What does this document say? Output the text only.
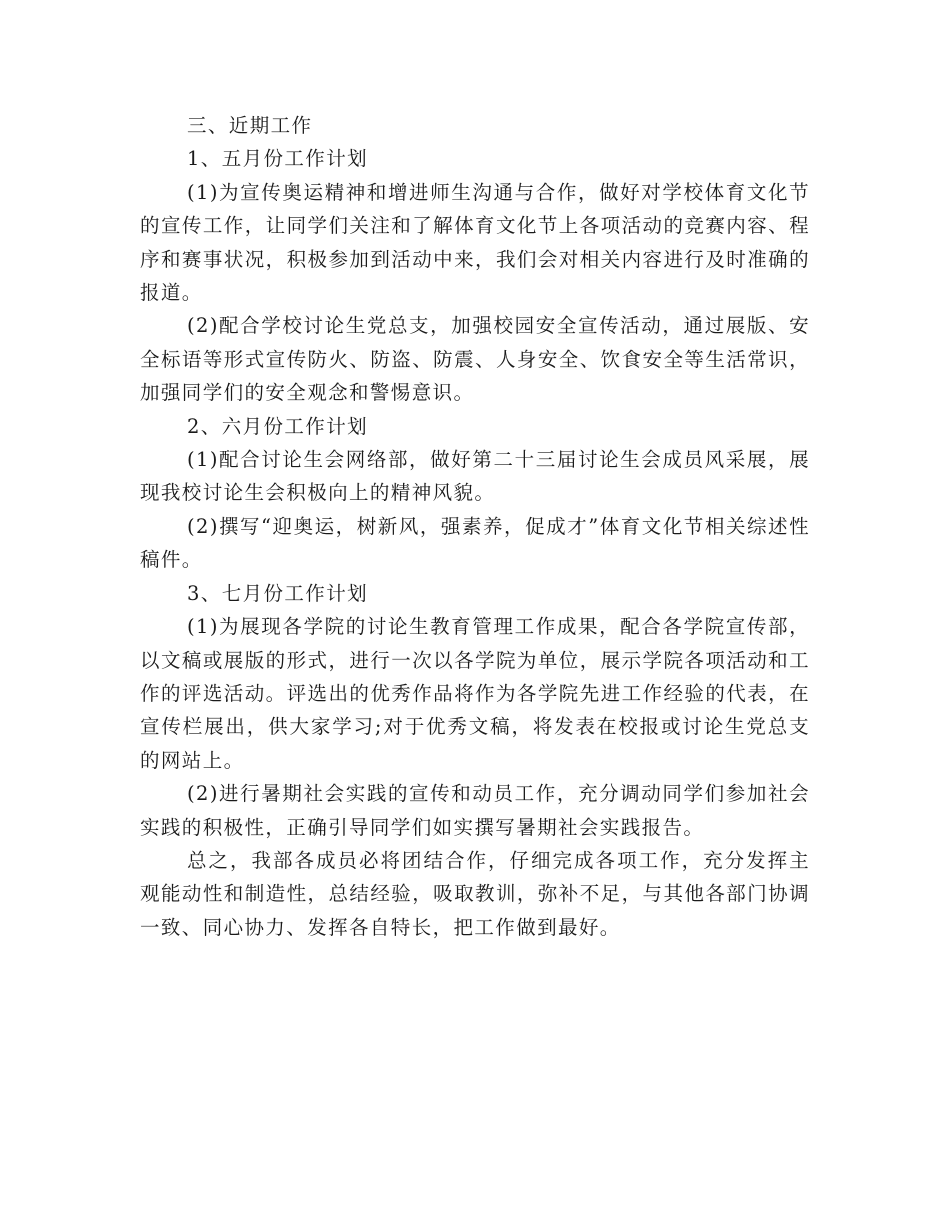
三、近期工作

1、五月份工作计划

(1)为宣传奥运精神和增进师生沟通与合作，做好对学校体育文化节的宣传工作，让同学们关注和了解体育文化节上各项活动的竞赛内容、程序和赛事状况，积极参加到活动中来，我们会对相关内容进行及时准确的报道。

(2)配合学校讨论生党总支，加强校园安全宣传活动，通过展版、安全标语等形式宣传防火、防盗、防震、人身安全、饮食安全等生活常识，加强同学们的安全观念和警惕意识。

2、六月份工作计划

(1)配合讨论生会网络部，做好第二十三届讨论生会成员风采展，展现我校讨论生会积极向上的精神风貌。

(2)撰写“迎奥运，树新风，强素养，促成才”体育文化节相关综述性稿件。

3、七月份工作计划

(1)为展现各学院的讨论生教育管理工作成果，配合各学院宣传部，以文稿或展版的形式，进行一次以各学院为单位，展示学院各项活动和工作的评选活动。评选出的优秀作品将作为各学院先进工作经验的代表，在宣传栏展出，供大家学习;对于优秀文稿，将发表在校报或讨论生党总支的网站上。

(2)进行暑期社会实践的宣传和动员工作，充分调动同学们参加社会实践的积极性，正确引导同学们如实撰写暑期社会实践报告。

总之，我部各成员必将团结合作，仔细完成各项工作，充分发挥主观能动性和制造性，总结经验，吸取教训，弥补不足，与其他各部门协调一致、同心协力、发挥各自特长，把工作做到最好。
